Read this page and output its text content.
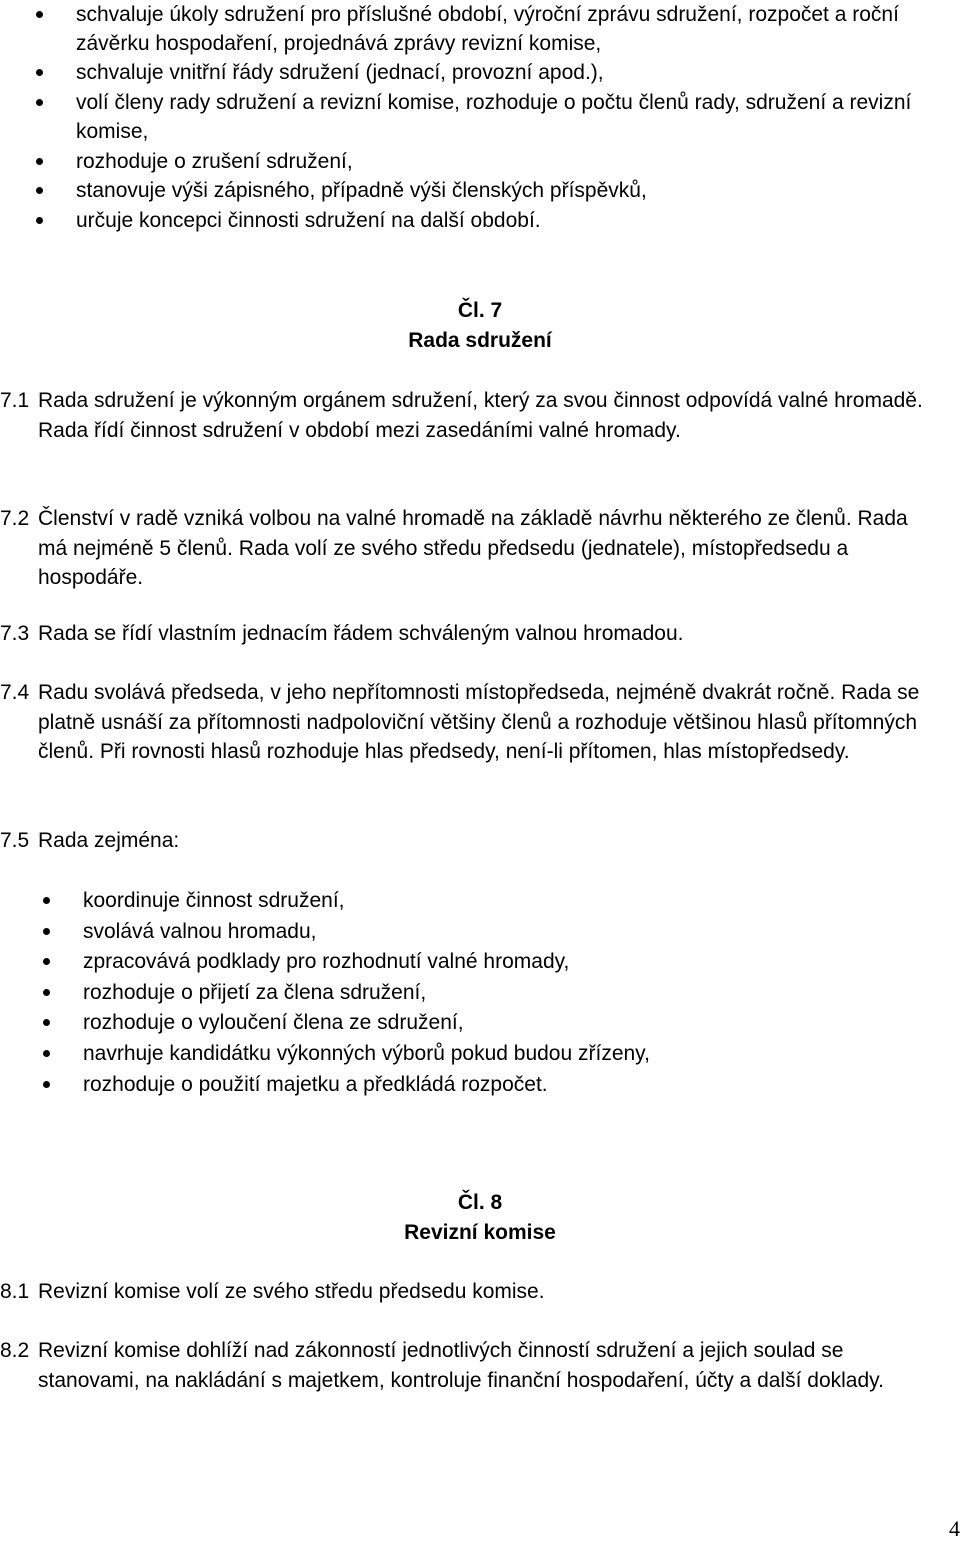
schvaluje úkoly sdružení pro příslušné období, výroční zprávu sdružení, rozpočet a roční závěrku hospodaření, projednává zprávy revizní komise,
schvaluje vnitřní řády sdružení (jednací, provozní apod.),
volí členy rady sdružení a revizní komise, rozhoduje o počtu členů rady, sdružení a revizní komise,
rozhoduje o zrušení sdružení,
stanovuje výši zápisného, případně výši členských příspěvků,
určuje koncepci činnosti sdružení na další období.
Čl. 7
Rada sdružení
7.1 Rada sdružení je výkonným orgánem sdružení, který za svou činnost odpovídá valné hromadě. Rada řídí činnost sdružení v období mezi zasedáními valné hromady.
7.2 Členství v radě vzniká volbou na valné hromadě na základě návrhu některého ze členů. Rada má nejméně 5 členů. Rada volí ze svého středu předsedu (jednatele), místopředsedu a hospodáře.
7.3 Rada se řídí vlastním jednacím řádem schváleným valnou hromadou.
7.4 Radu svolává předseda, v jeho nepřítomnosti místopředseda, nejméně dvakrát ročně. Rada se platně usnáší za přítomnosti nadpoloviční většiny členů a rozhoduje většinou hlasů přítomných členů. Při rovnosti hlasů rozhoduje hlas předsedy, není-li přítomen, hlas místopředsedy.
7.5 Rada zejména:
koordinuje činnost sdružení,
svolává valnou hromadu,
zpracovává podklady pro rozhodnutí valné hromady,
rozhoduje o přijetí za člena sdružení,
rozhoduje o vyloučení člena ze sdružení,
navrhuje kandidátku výkonných výborů pokud budou zřízeny,
rozhoduje o použití majetku a předkládá rozpočet.
Čl. 8
Revizní komise
8.1 Revizní komise volí ze svého středu předsedu komise.
8.2 Revizní komise dohlíží nad zákonností jednotlivých činností sdružení a jejich soulad se stanovami, na nakládání s majetkem, kontroluje finanční hospodaření, účty a další doklady.
4
